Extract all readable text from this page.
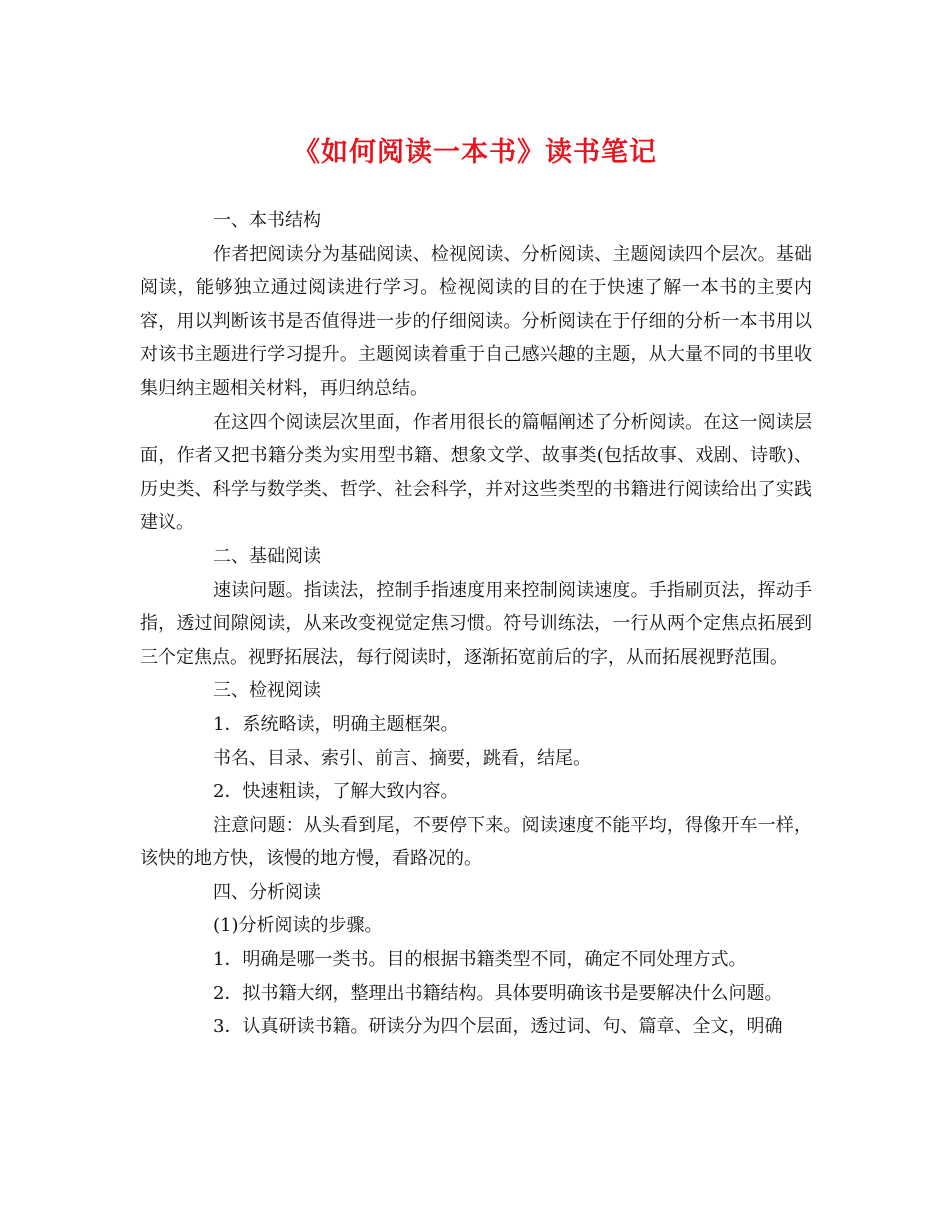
《如何阅读一本书》读书笔记

一、本书结构

作者把阅读分为基础阅读、检视阅读、分析阅读、主题阅读四个层次。基础阅读，能够独立通过阅读进行学习。检视阅读的目的在于快速了解一本书的主要内容，用以判断该书是否值得进一步的仔细阅读。分析阅读在于仔细的分析一本书用以对该书主题进行学习提升。主题阅读着重于自己感兴趣的主题，从大量不同的书里收集归纳主题相关材料，再归纳总结。

在这四个阅读层次里面，作者用很长的篇幅阐述了分析阅读。在这一阅读层面，作者又把书籍分类为实用型书籍、想象文学、故事类(包括故事、戏剧、诗歌)、历史类、科学与数学类、哲学、社会科学，并对这些类型的书籍进行阅读给出了实践建议。

二、基础阅读

速读问题。指读法，控制手指速度用来控制阅读速度。手指刷页法，挥动手指，透过间隙阅读，从来改变视觉定焦习惯。符号训练法，一行从两个定焦点拓展到三个定焦点。视野拓展法，每行阅读时，逐渐拓宽前后的字，从而拓展视野范围。

三、检视阅读

1．系统略读，明确主题框架。

书名、目录、索引、前言、摘要，跳看，结尾。

2．快速粗读，了解大致内容。

注意问题：从头看到尾，不要停下来。阅读速度不能平均，得像开车一样，该快的地方快，该慢的地方慢，看路况的。

四、分析阅读

(1)分析阅读的步骤。

1．明确是哪一类书。目的根据书籍类型不同，确定不同处理方式。

2．拟书籍大纲，整理出书籍结构。具体要明确该书是要解决什么问题。

3．认真研读书籍。研读分为四个层面，透过词、句、篇章、全文，明确
